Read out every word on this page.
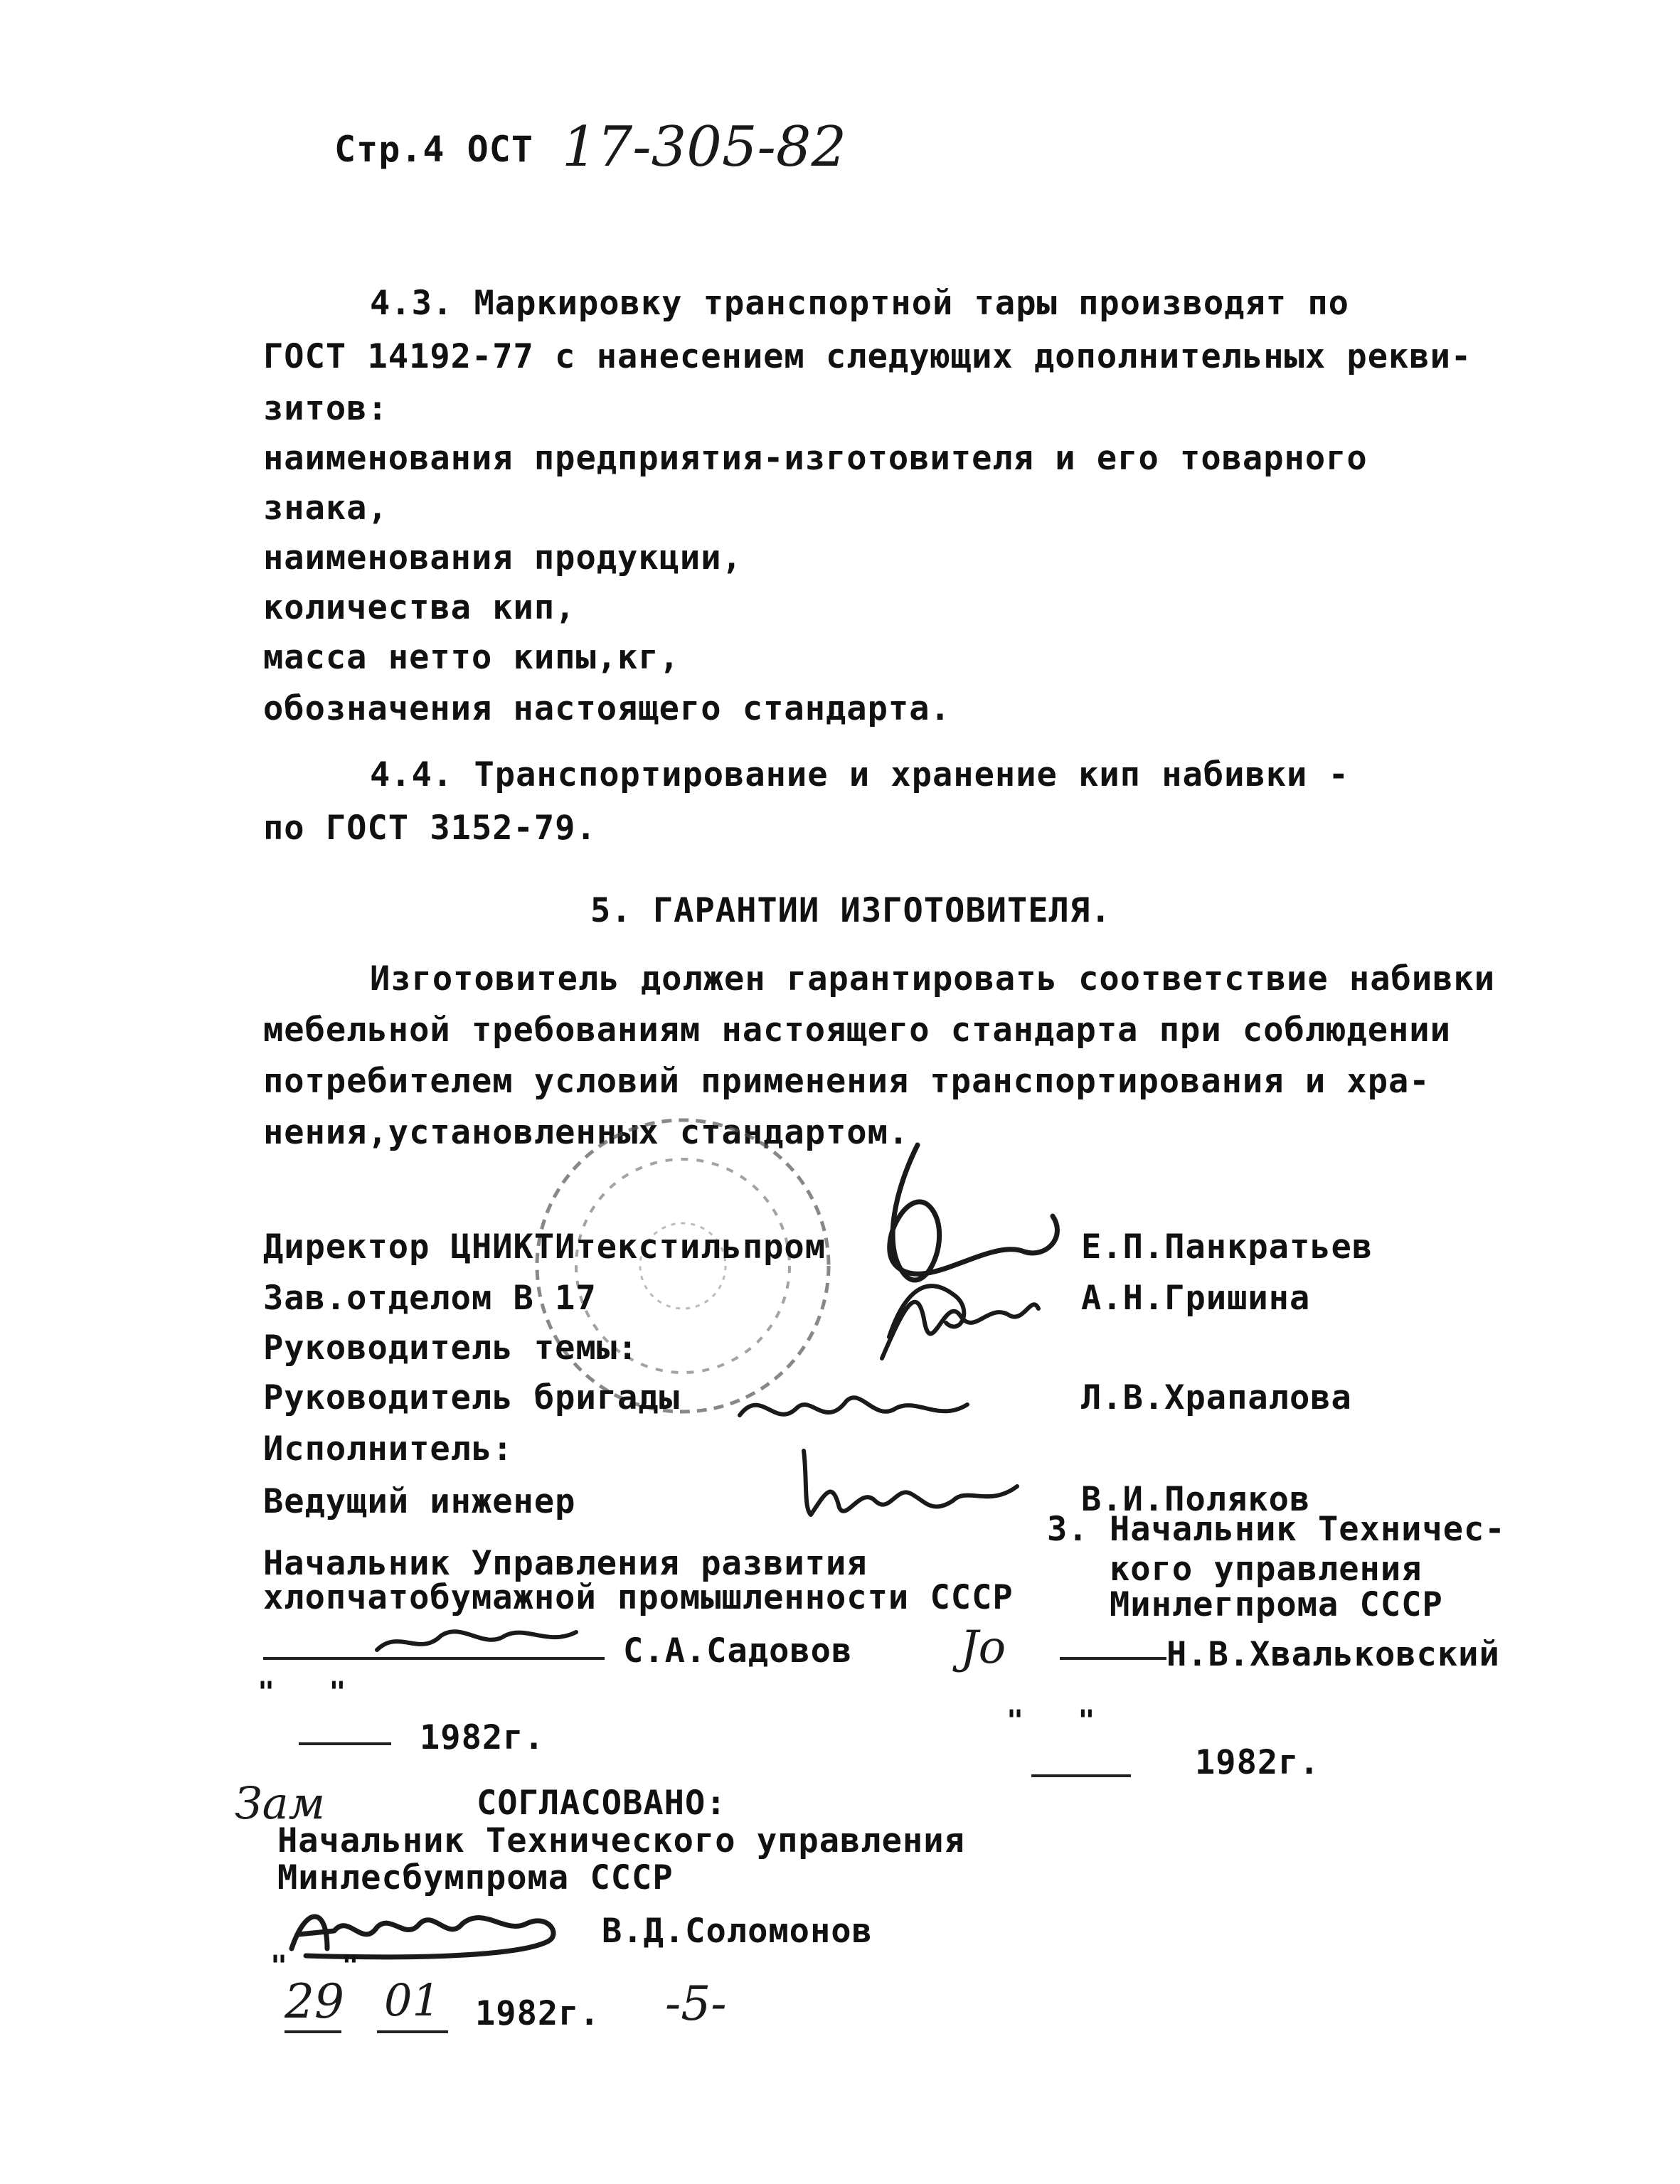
Стр.4 ОСТ 17-305-82
4.3. Маркировку транспортной тары производят по
ГОСТ 14192-77 с нанесением следующих дополнительных рекви-
зитов:
наименования предприятия-изготовителя и его товарного
знака,
наименования продукции,
количества кип,
масса нетто кипы,кг,
обозначения настоящего стандарта.
4.4. Транспортирование и хранение кип набивки -
по ГОСТ 3152-79.
5. ГАРАНТИИ ИЗГОТОВИТЕЛЯ.
Изготовитель должен гарантировать соответствие набивки
мебельной требованиям настоящего стандарта при соблюдении
потребителем условий применения транспортирования и хра-
нения,установленных стандартом.
Директор ЦНИКТИтекстильпром	Е.П.Панкратьев
Зав.отделом В 17	А.Н.Гришина
Руководитель темы:
Руководитель бригады	Л.В.Храпалова
Исполнитель:
Ведущий инженер	В.И.Поляков
Начальник Управления развития
хлопчатобумажной промышленности СССР
С.А.Садовов
"   "
1982г.
3. Начальник Техничес-
кого управления
Минлегпрома СССР
Jo	Н.В.Хвальковский
"   "
1982г.
Зам	СОГЛАСОВАНО:
Начальник Технического управления
Минлесбумпрома СССР
В.Д.Соломонов
"   "
29 01 1982г. -5-
